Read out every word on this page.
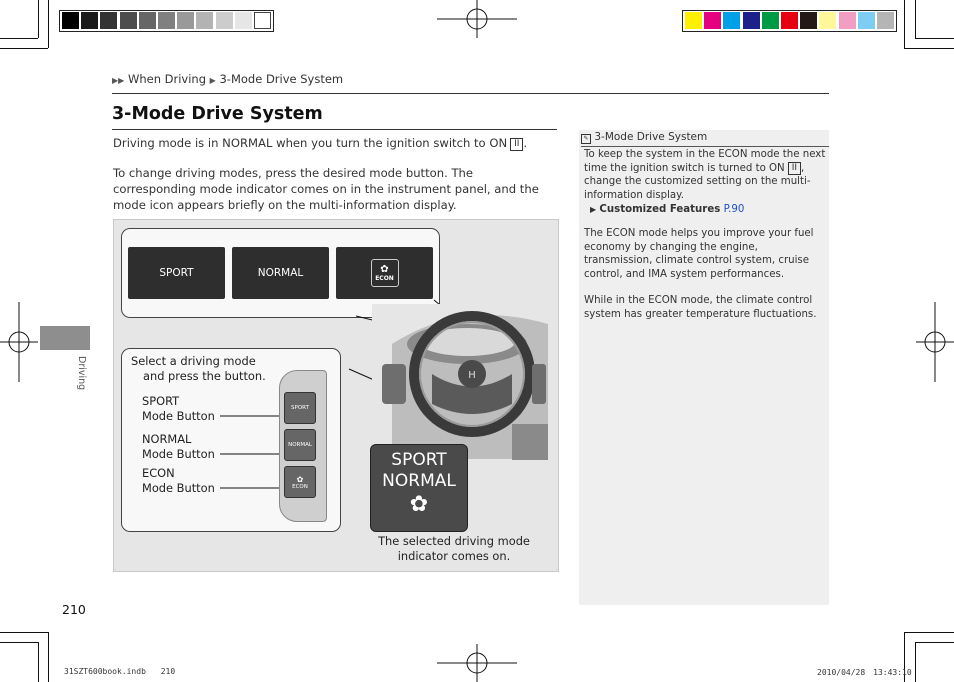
▶▶ When Driving ▶ 3-Mode Drive System
3-Mode Drive System
Driving mode is in NORMAL when you turn the ignition switch to ON II .
To change driving modes, press the desired mode button. The corresponding mode indicator comes on in the instrument panel, and the mode icon appears briefly on the multi-information display.
Driving
SPORT	NORMAL	✿
ECON
H
Select a driving mode
and press the button.
SPORT
Mode Button
NORMAL
Mode Button
ECON
Mode Button
SPORT
NORMAL
✿
ECON
The selected driving mode
indicator comes on.
SPORT
NORMAL
✿
✎ 3-Mode Drive System
To keep the system in the ECON mode the next time the ignition switch is turned to ON II , change the customized setting on the multi-information display.
▶ Customized Features P.90
The ECON mode helps you improve your fuel economy by changing the engine, transmission, climate control system, cruise control, and IMA system performances.
While in the ECON mode, the climate control system has greater temperature fluctuations.
210
31SZT600book.indb 210	2010/04/28　13:43:10
